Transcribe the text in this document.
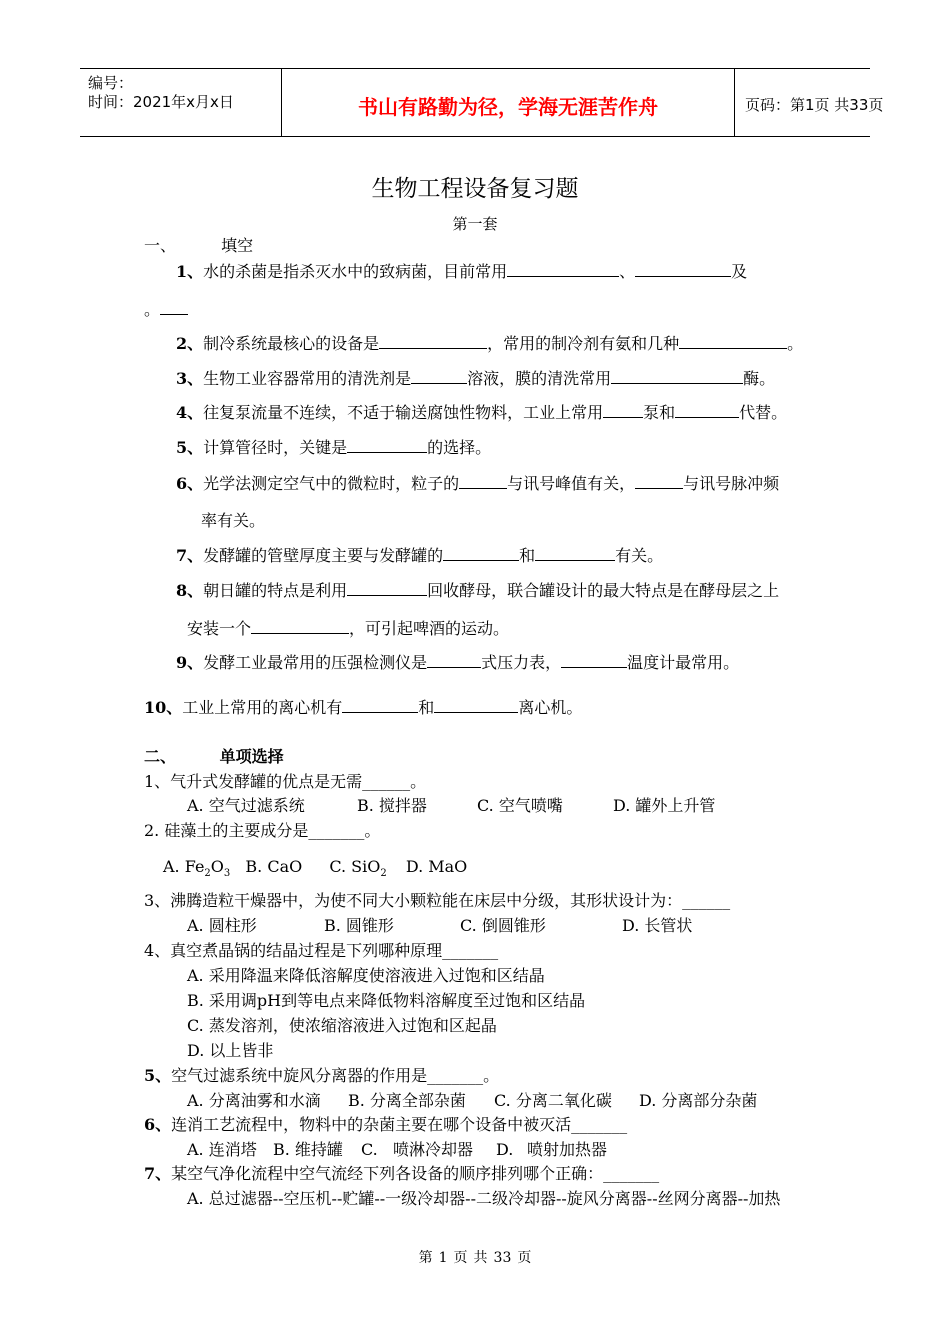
编号：
时间：2021年x月x日	书山有路勤为径，学海无涯苦作舟	页码：第1页 共33页
生物工程设备复习题
第一套
一、	填空
1、水的杀菌是指杀灭水中的致病菌，目前常用	、	及
。
2、制冷系统最核心的设备是	，常用的制冷剂有氨和几种	。
3、生物工业容器常用的清洗剂是	溶液，膜的清洗常用	酶。
4、往复泵流量不连续，不适于输送腐蚀性物料，工业上常用	泵和	代替。
5、计算管径时，关键是	的选择。
6、光学法测定空气中的微粒时，粒子的	与讯号峰值有关，	与讯号脉冲频
率有关。
7、发酵罐的管壁厚度主要与发酵罐的	和	有关。
8、朝日罐的特点是利用	回收酵母，联合罐设计的最大特点是在酵母层之上
安装一个	，可引起啤酒的运动。
9、发酵工业最常用的压强检测仪是	式压力表，	温度计最常用。
10、工业上常用的离心机有	和	离心机。
二、	单项选择
1、气升式发酵罐的优点是无需______。
A. 空气过滤系统	B. 搅拌器	C. 空气喷嘴	D. 罐外上升管
2. 硅藻土的主要成分是_______。
A. $Fe_2O_3$ B. CaO C. SiO$_2$ D. MaO
3、沸腾造粒干燥器中，为使不同大小颗粒能在床层中分级，其形状设计为：______
A. 圆柱形	B. 圆锥形	C. 倒圆锥形	D. 长管状
4、真空煮晶锅的结晶过程是下列哪种原理_______
A. 采用降温来降低溶解度使溶液进入过饱和区结晶
B. 采用调pH到等电点来降低物料溶解度至过饱和区结晶
C. 蒸发溶剂，使浓缩溶液进入过饱和区起晶
D. 以上皆非
5、空气过滤系统中旋风分离器的作用是_______。
A. 分离油雾和水滴 B. 分离全部杂菌 C. 分离二氧化碳 D. 分离部分杂菌
6、连消工艺流程中，物料中的杂菌主要在哪个设备中被灭活_______
A. 连消塔 B. 维持罐 C. 喷淋冷却器 D. 喷射加热器
7、某空气净化流程中空气流经下列各设备的顺序排列哪个正确：_______
A. 总过滤器--空压机--贮罐--一级冷却器--二级冷却器--旋风分离器--丝网分离器--加热
第 1 页 共 33 页
